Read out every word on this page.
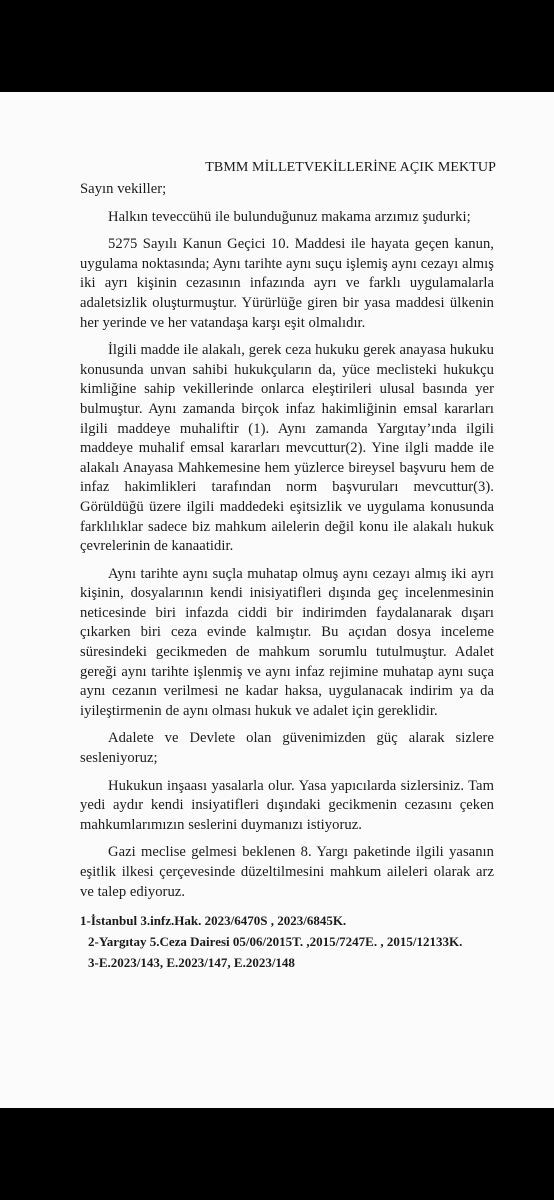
TBMM MİLLETVEKİLLERİNE AÇIK MEKTUP

Sayın vekiller;

Halkın teveccühü ile bulunduğunuz makama arzımız şudurki;

5275 Sayılı Kanun Geçici 10. Maddesi ile hayata geçen kanun, uygulama noktasında; Aynı tarihte aynı suçu işlemiş aynı cezayı almış iki ayrı kişinin cezasının infazında ayrı ve farklı uygulamalarla adaletsizlik oluşturmuştur. Yürürlüğe giren bir yasa maddesi ülkenin her yerinde ve her vatandaşa karşı eşit olmalıdır.

İlgili madde ile alakalı, gerek ceza hukuku gerek anayasa hukuku konusunda unvan sahibi hukukçuların da, yüce meclisteki hukukçu kimliğine sahip vekillerinde onlarca eleştirileri ulusal basında yer bulmuştur. Aynı zamanda birçok infaz hakimliğinin emsal kararları ilgili maddeye muhaliftir (1). Aynı zamanda Yargıtay’ında ilgili maddeye muhalif emsal kararları mevcuttur(2). Yine ilgli madde ile alakalı Anayasa Mahkemesine hem yüzlerce bireysel başvuru hem de infaz hakimlikleri tarafından norm başvuruları mevcuttur(3). Görüldüğü üzere ilgili maddedeki eşitsizlik ve uygulama konusunda farklılıklar sadece biz mahkum ailelerin değil konu ile alakalı hukuk çevrelerinin de kanaatidir.

Aynı tarihte aynı suçla muhatap olmuş aynı cezayı almış iki ayrı kişinin, dosyalarının kendi inisiyatifleri dışında geç incelenmesinin neticesinde biri infazda ciddi bir indirimden faydalanarak dışarı çıkarken biri ceza evinde kalmıştır. Bu açıdan dosya inceleme süresindeki gecikmeden de mahkum sorumlu tutulmuştur. Adalet gereği aynı tarihte işlenmiş ve aynı infaz rejimine muhatap aynı suça aynı cezanın verilmesi ne kadar haksa, uygulanacak indirim ya da iyileştirmenin de aynı olması hukuk ve adalet için gereklidir.

Adalete ve Devlete olan güvenimizden güç alarak sizlere sesleniyoruz;

Hukukun inşaası yasalarla olur. Yasa yapıcılarda sizlersiniz. Tam yedi aydır kendi insiyatifleri dışındaki gecikmenin cezasını çeken mahkumlarımızın seslerini duymanızı istiyoruz.

Gazi meclise gelmesi beklenen 8. Yargı paketinde ilgili yasanın eşitlik ilkesi çerçevesinde düzeltilmesini mahkum aileleri olarak arz ve talep ediyoruz.

1-İstanbul 3.infz.Hak. 2023/6470S , 2023/6845K.

2-Yargıtay 5.Ceza Dairesi 05/06/2015T. ,2015/7247E. , 2015/12133K.

3-E.2023/143, E.2023/147, E.2023/148
